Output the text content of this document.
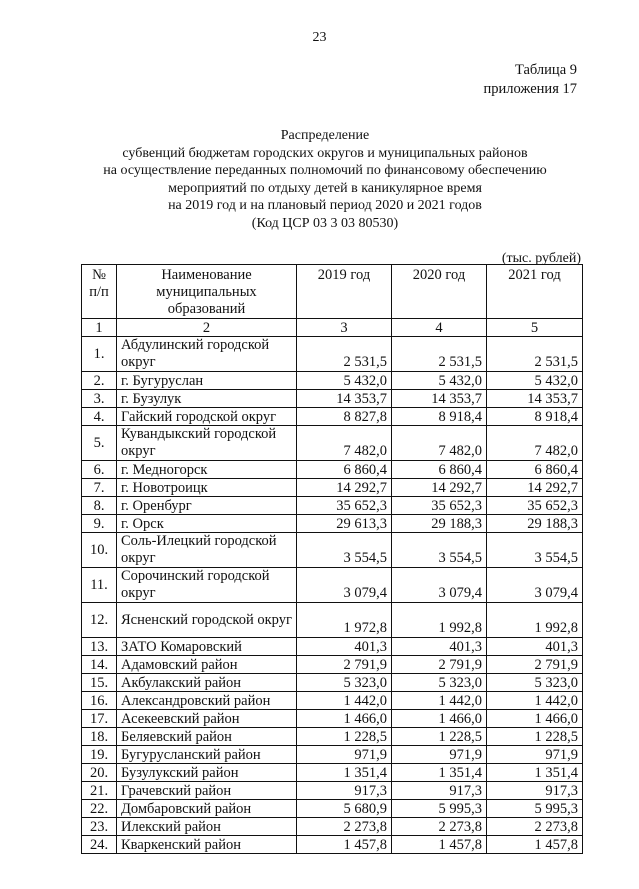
23
Таблица 9
приложения 17
Распределение
субвенций бюджетам городских округов и муниципальных районов
на осуществление переданных полномочий по финансовому обеспечению
мероприятий по отдыху детей в каникулярное время
на 2019 год и на плановый период 2020 и 2021 годов
(Код ЦСР 03 3 03 80530)
(тыс. рублей)
№ п/п	Наименование муниципальных образований	2019 год	2020 год	2021 год
1	2	3	4	5
1.	Абдулинский городской округ	2 531,5	2 531,5	2 531,5
2.	г. Бугуруслан	5 432,0	5 432,0	5 432,0
3.	г. Бузулук	14 353,7	14 353,7	14 353,7
4.	Гайский городской округ	8 827,8	8 918,4	8 918,4
5.	Кувандыкский городской округ	7 482,0	7 482,0	7 482,0
6.	г. Медногорск	6 860,4	6 860,4	6 860,4
7.	г. Новотроицк	14 292,7	14 292,7	14 292,7
8.	г. Оренбург	35 652,3	35 652,3	35 652,3
9.	г. Орск	29 613,3	29 188,3	29 188,3
10.	Соль-Илецкий городской округ	3 554,5	3 554,5	3 554,5
11.	Сорочинский городской округ	3 079,4	3 079,4	3 079,4
12.	Ясненский городской округ	1 972,8	1 992,8	1 992,8
13.	ЗАТО Комаровский	401,3	401,3	401,3
14.	Адамовский район	2 791,9	2 791,9	2 791,9
15.	Акбулакский район	5 323,0	5 323,0	5 323,0
16.	Александровский район	1 442,0	1 442,0	1 442,0
17.	Асекеевский район	1 466,0	1 466,0	1 466,0
18.	Беляевский район	1 228,5	1 228,5	1 228,5
19.	Бугурусланский район	971,9	971,9	971,9
20.	Бузулукский район	1 351,4	1 351,4	1 351,4
21.	Грачевский район	917,3	917,3	917,3
22.	Домбаровский район	5 680,9	5 995,3	5 995,3
23.	Илекский район	2 273,8	2 273,8	2 273,8
24.	Кваркенский район	1 457,8	1 457,8	1 457,8
